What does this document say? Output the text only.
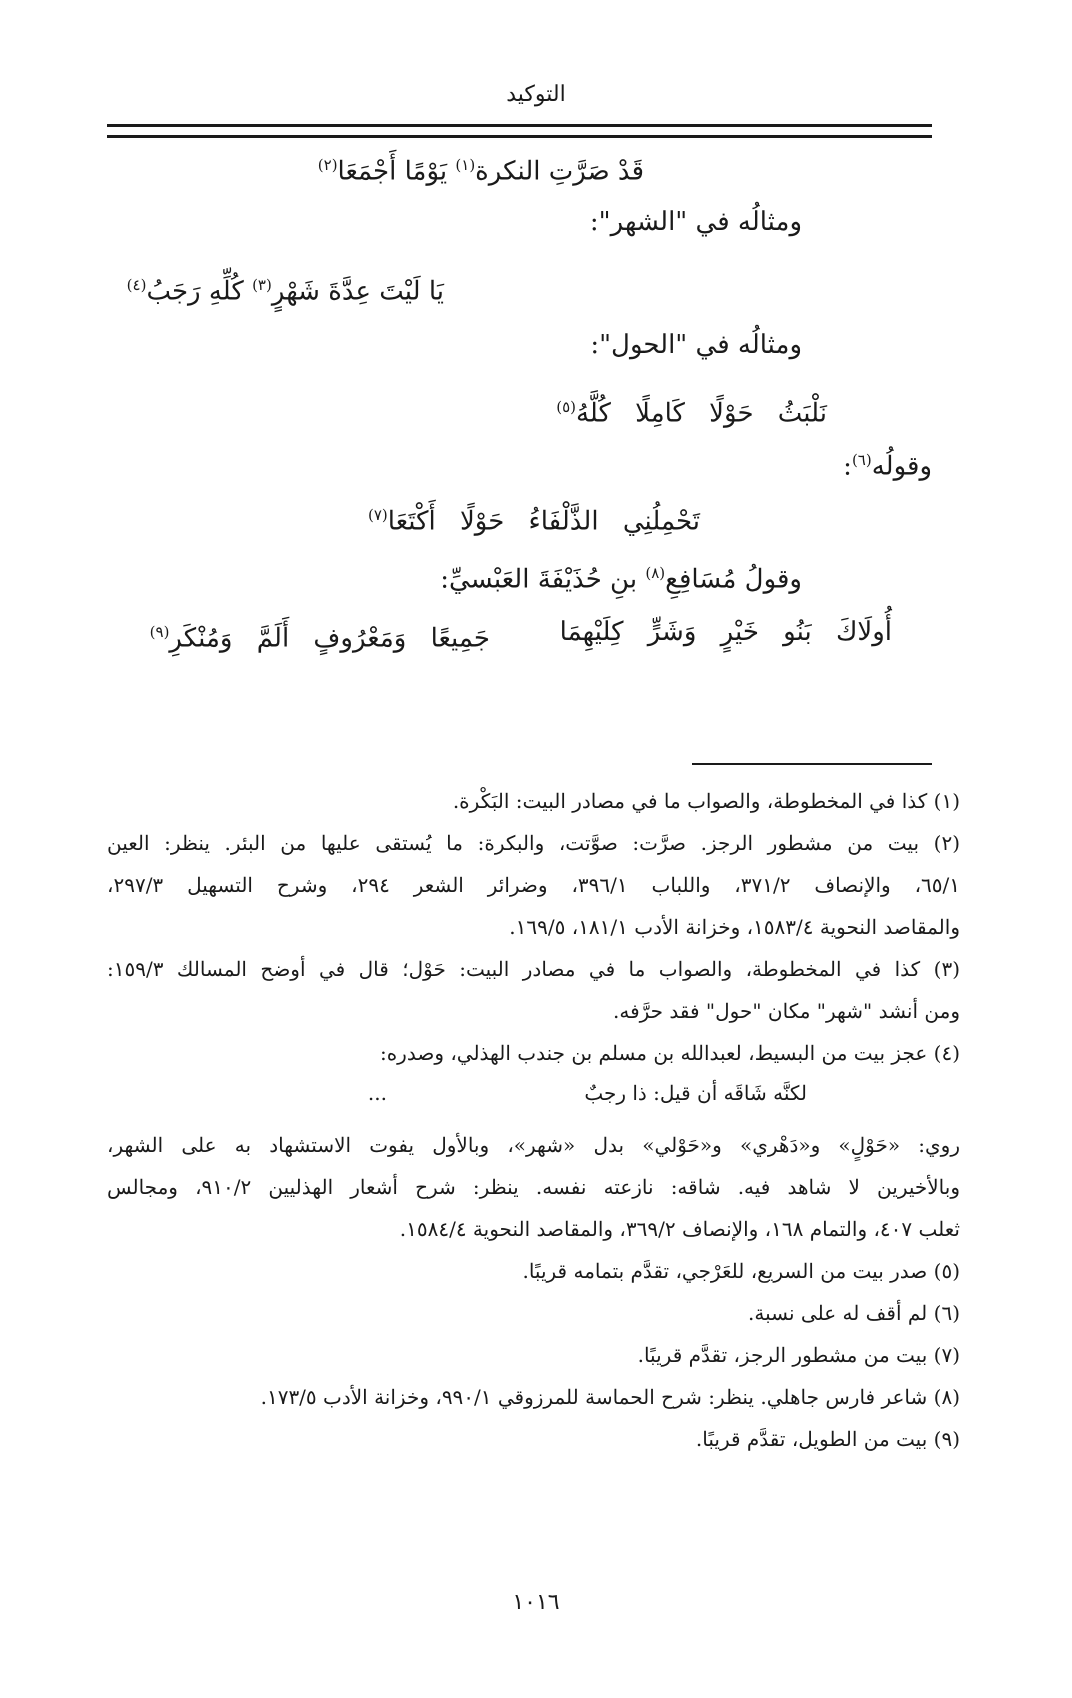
التوكيد
قَدْ صَرَّتِ النكرة$^{(١)}$ يَوْمًا أَجْمَعَا$^{(٢)}$
ومثالُه في "الشهر":
يَا لَيْتَ عِدَّةَ شَهْرٍ$^{(٣)}$ كُلِّهِ رَجَبُ$^{(٤)}$
ومثالُه في "الحول":
نَلْبَثُ حَوْلًا كَامِلًا كُلَّهُ$^{(٥)}$
وقولُه$^{(٦)}$:
تَحْمِلُنِي الذَّلْفَاءُ حَوْلًا أَكْتَعَا$^{(٧)}$
وقولُ مُسَافِعِ$^{(٨)}$ بنِ حُذَيْفَةَ العَبْسيِّ:
أُولَاكَ بَنُو خَيْرٍ وَشَرٍّ كِلَيْهِمَا
جَمِيعًا وَمَعْرُوفٍ أَلَمَّ وَمُنْكَرِ$^{(٩)}$
(١) كذا في المخطوطة، والصواب ما في مصادر البيت: البَكْرة.
(٢) بيت من مشطور الرجز. صرَّت: صوَّتت، والبكرة: ما يُستقى عليها من البئر. ينظر: العين
٦٥/١، والإنصاف ٣٧١/٢، واللباب ٣٩٦/١، وضرائر الشعر ٢٩٤، وشرح التسهيل ٢٩٧/٣،
والمقاصد النحوية ١٥٨٣/٤، وخزانة الأدب ١٨١/١، ١٦٩/٥.
(٣) كذا في المخطوطة، والصواب ما في مصادر البيت: حَوْل؛ قال في أوضح المسالك ١٥٩/٣:
ومن أنشد "شهر" مكان "حول" فقد حرَّفه.
(٤) عجز بيت من البسيط، لعبدالله بن مسلم بن جندب الهذلي، وصدره:
لكنَّه شَاقَه أن قيل: ذا رجبٌ
...
روي: «حَوْلٍ» و«دَهْري» و«حَوْلي» بدل «شهر»، وبالأول يفوت الاستشهاد به على الشهر،
وبالأخيرين لا شاهد فيه. شاقه: نازعته نفسه. ينظر: شرح أشعار الهذليين ٩١٠/٢، ومجالس
ثعلب ٤٠٧، والتمام ١٦٨، والإنصاف ٣٦٩/٢، والمقاصد النحوية ١٥٨٤/٤.
(٥) صدر بيت من السريع، للعَرْجي، تقدَّم بتمامه قريبًا.
(٦) لم أقف له على نسبة.
(٧) بيت من مشطور الرجز، تقدَّم قريبًا.
(٨) شاعر فارس جاهلي. ينظر: شرح الحماسة للمرزوقي ٩٩٠/١، وخزانة الأدب ١٧٣/٥.
(٩) بيت من الطويل، تقدَّم قريبًا.
١٠١٦
